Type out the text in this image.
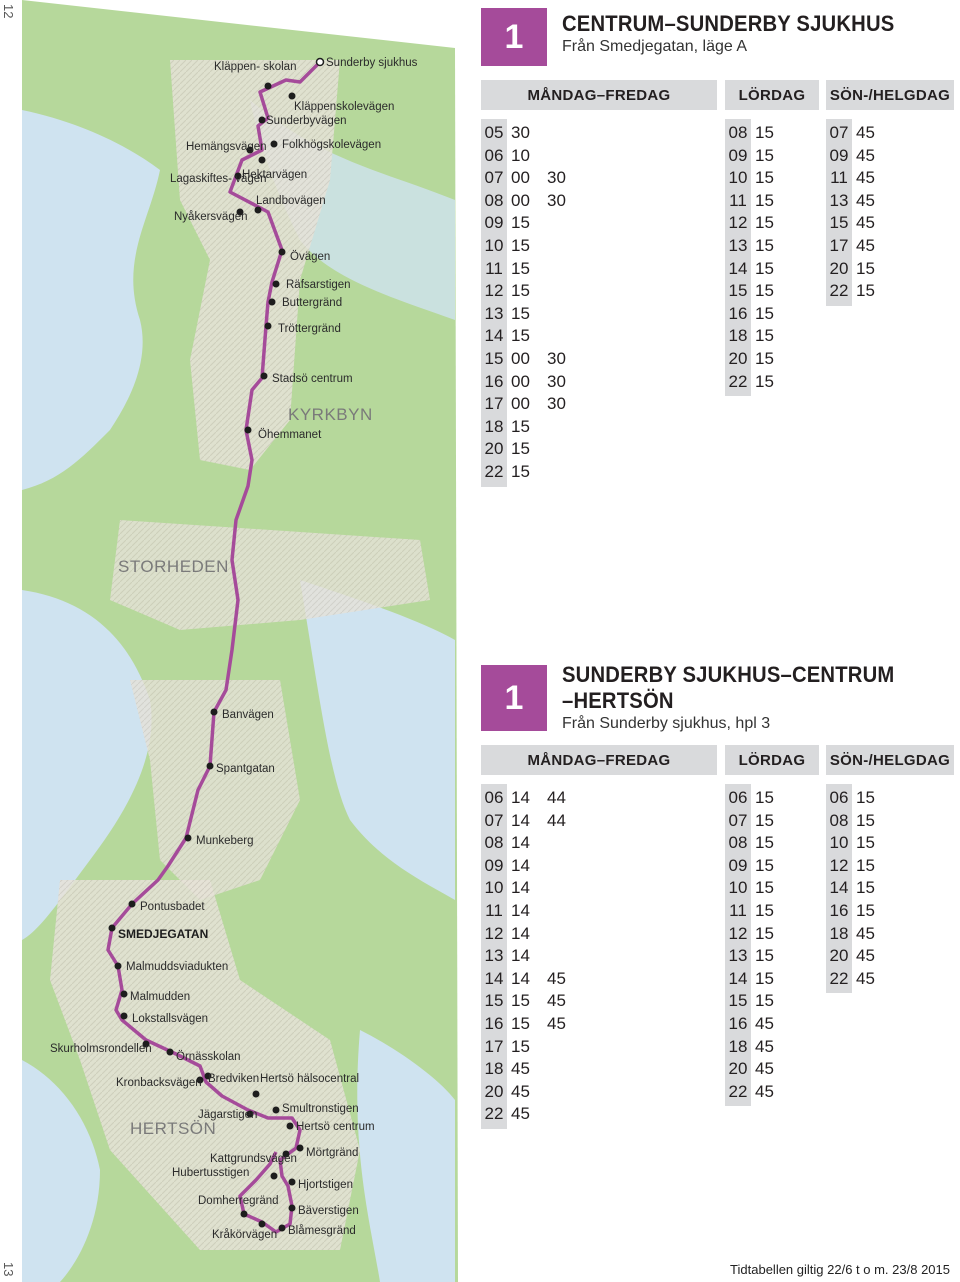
12
13
Sunderby sjukhus
Kläppen- skolan
Kläppenskolevägen
Sunderbyvägen
Hemängsvägen Folkhögskolevägen
Lagaskiftes- vägen
Hektarvägen
Landbovägen
Nyåkersvägen
Övägen
Räfsarstigen
Buttergränd
Tröttergränd
Stadsö centrum
Öhemmanet
Banvägen
Spantgatan
Munkeberg
Pontusbadet
SMEDJEGATAN
Malmuddsviadukten
Malmudden
Lokstallsvägen
Skurholmsrondellen
Örnässkolan
Kronbacksvägen Bredviken Hertsö hälsocentral
Smultronstigen
Jägarstigen
Hertsö centrum
Kattgrundsvägen Mörtgränd
Hubertusstigen
Hjortstigen
Domherregränd
Bäverstigen
Kråkörvägen Blåmesgränd
KYRKBYN
STORHEDEN
HERTSÖN
1	CENTRUM–SUNDERBY SJUKHUS
Från Smedjegatan, läge A
MÅNDAG–FREDAG	LÖRDAG	SÖN-/HELGDAG
05 30
06 10
07 00 30
08 00 30
09 15
10 15
11 15
12 15
13 15
14 15
15 00 30
16 00 30
17 00 30
18 15
20 15
22 15
08 15
09 15
10 15
11 15
12 15
13 15
14 15
15 15
16 15
18 15
20 15
22 15
07 45
09 45
11 45
13 45
15 45
17 45
20 15
22 15
1
SUNDERBY SJUKHUS–CENTRUM
–HERTSÖN
Från Sunderby sjukhus, hpl 3
MÅNDAG–FREDAG	LÖRDAG	SÖN-/HELGDAG
06 14 44
07 14 44
08 14
09 14
10 14
11 14
12 14
13 14
14 14 45
15 15 45
16 15 45
17 15
18 45
20 45
22 45
06 15
07 15
08 15
09 15
10 15
11 15
12 15
13 15
14 15
15 15
16 45
18 45
20 45
22 45
06 15
08 15
10 15
12 15
14 15
16 15
18 45
20 45
22 45
Tidtabellen giltig 22/6 t o m. 23/8 2015
